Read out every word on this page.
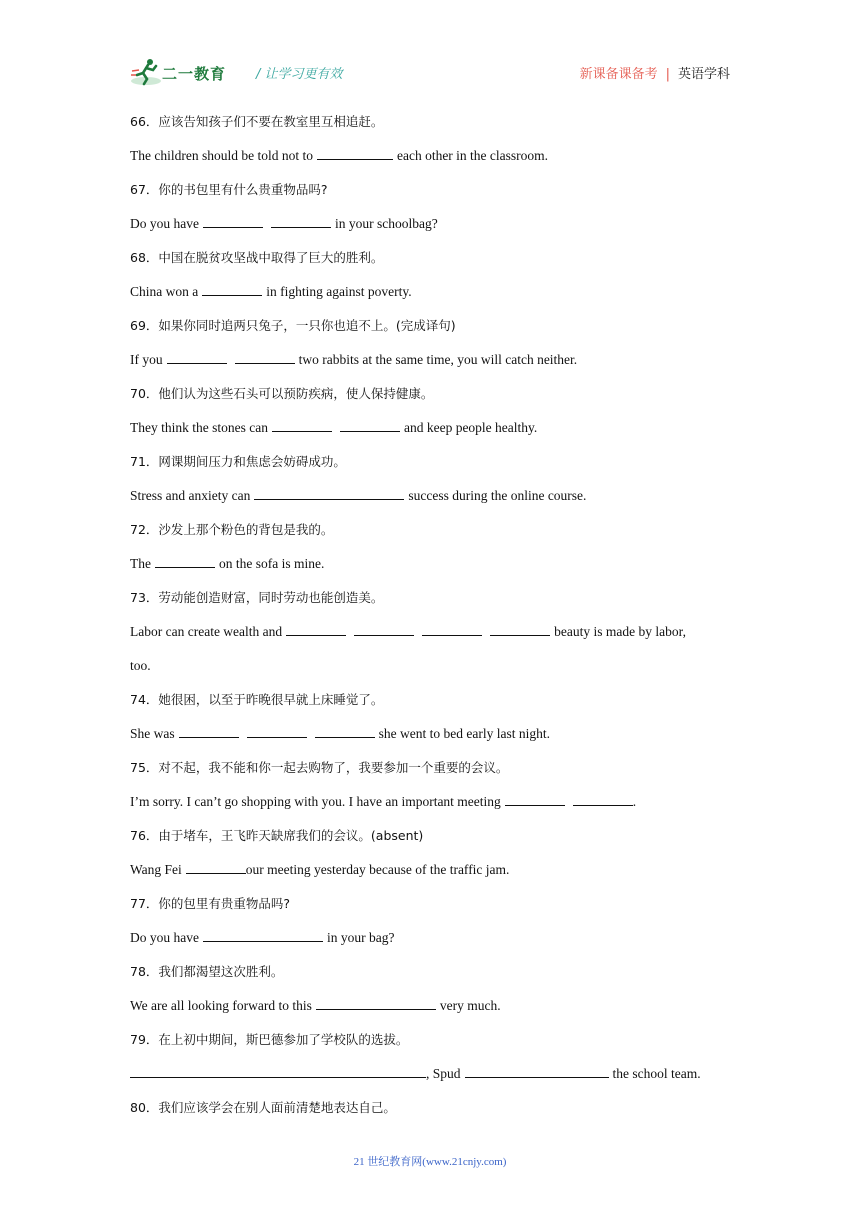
二一教育 / 让学习更有效	新课备课备考 | 英语学科
66．应该告知孩子们不要在教室里互相追赶。
The children should be told not to	each other in the classroom.
67．你的书包里有什么贵重物品吗?
Do you have	in your schoolbag?
68．中国在脱贫攻坚战中取得了巨大的胜利。
China won a	in fighting against poverty.
69．如果你同时追两只兔子，一只你也追不上。(完成译句)
If you	two rabbits at the same time, you will catch neither.
70．他们认为这些石头可以预防疾病，使人保持健康。
They think the stones can	and keep people healthy.
71．网课期间压力和焦虑会妨碍成功。
Stress and anxiety can	success during the online course.
72．沙发上那个粉色的背包是我的。
The	on the sofa is mine.
73．劳动能创造财富，同时劳动也能创造美。
Labor can create wealth and	beauty is made by labor,
too.
74．她很困，以至于昨晚很早就上床睡觉了。
She was	she went to bed early last night.
75．对不起，我不能和你一起去购物了，我要参加一个重要的会议。
I’m sorry. I can’t go shopping with you. I have an important meeting	.
76．由于堵车，王飞昨天缺席我们的会议。(absent)
Wang Fei	our meeting yesterday because of the traffic jam.
77．你的包里有贵重物品吗?
Do you have	in your bag?
78．我们都渴望这次胜利。
We are all looking forward to this	very much.
79．在上初中期间，斯巴德参加了学校队的选拔。
, Spud	the school team.
80．我们应该学会在别人面前清楚地表达自己。
21 世纪教育网(www.21cnjy.com)
